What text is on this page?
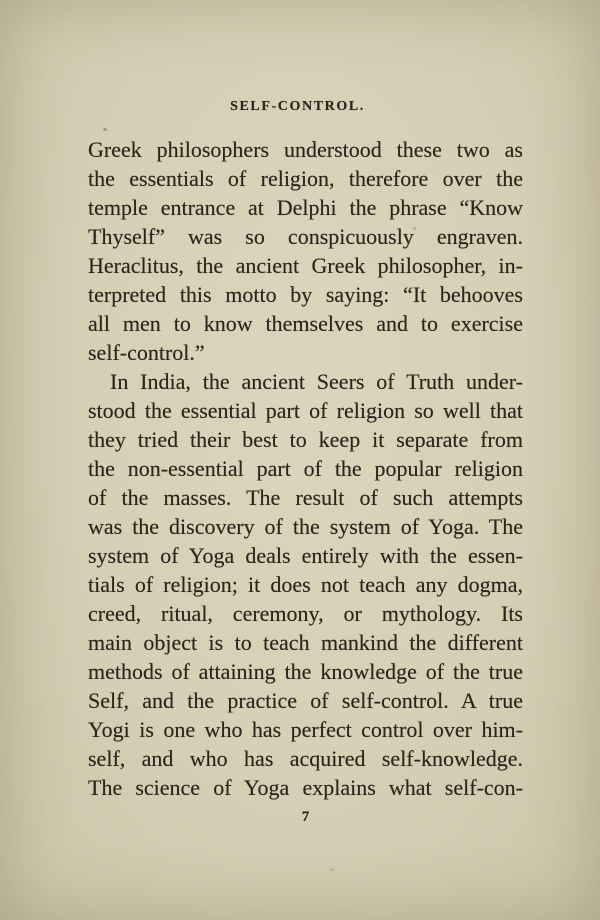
SELF-CONTROL.
Greek philosophers understood these two as
the essentials of religion, therefore over the
temple entrance at Delphi the phrase “Know
Thyself” was so conspicuously engraven.
Heraclitus, the ancient Greek philosopher, in-
terpreted this motto by saying: “It behooves
all men to know themselves and to exercise
self-control.”
In India, the ancient Seers of Truth under-
stood the essential part of religion so well that
they tried their best to keep it separate from
the non-essential part of the popular religion
of the masses. The result of such attempts
was the discovery of the system of Yoga. The
system of Yoga deals entirely with the essen-
tials of religion; it does not teach any dogma,
creed, ritual, ceremony, or mythology. Its
main object is to teach mankind the different
methods of attaining the knowledge of the true
Self, and the practice of self-control. A true
Yogi is one who has perfect control over him-
self, and who has acquired self-knowledge.
The science of Yoga explains what self-con-
7
